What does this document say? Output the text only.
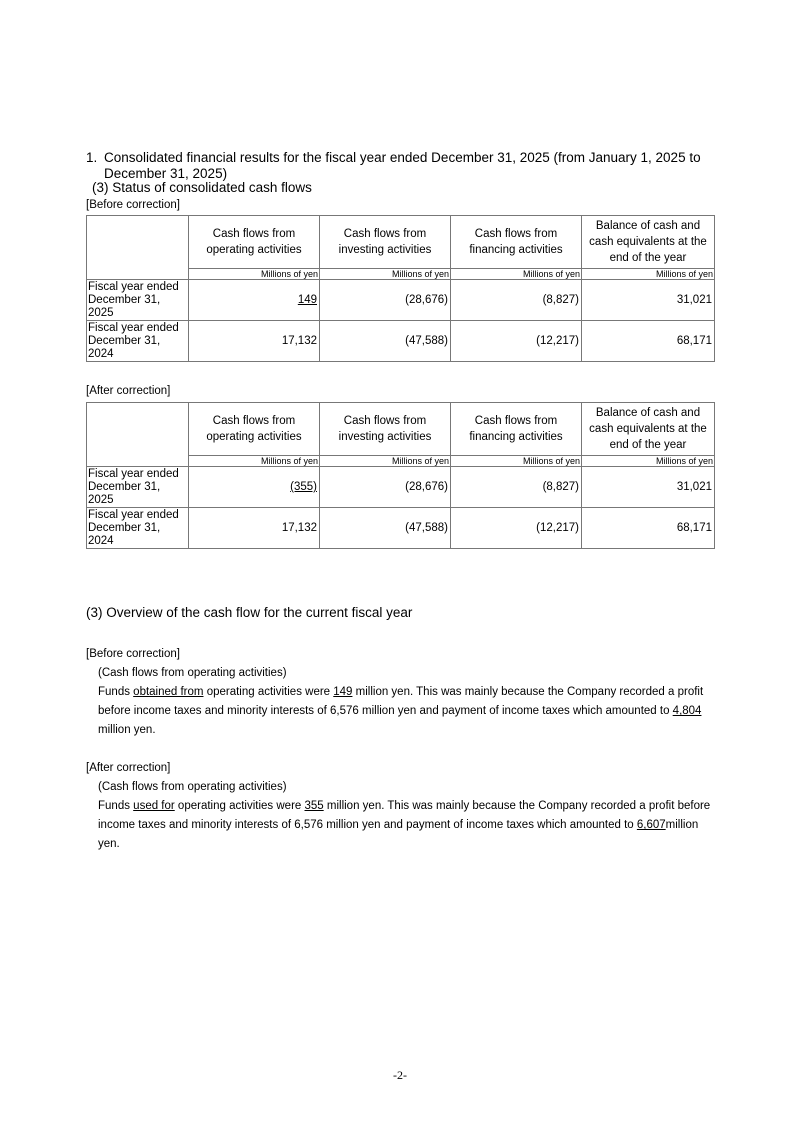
1. Consolidated financial results for the fiscal year ended December 31, 2025 (from January 1, 2025 to December 31, 2025)
(3) Status of consolidated cash flows
[Before correction]
	Cash flows from operating activities	Cash flows from investing activities	Cash flows from financing activities	Balance of cash and cash equivalents at the end of the year
	Millions of yen	Millions of yen	Millions of yen	Millions of yen
Fiscal year ended December 31, 2025	149	(28,676)	(8,827)	31,021
Fiscal year ended December 31, 2024	17,132	(47,588)	(12,217)	68,171
[After correction]
	Cash flows from operating activities	Cash flows from investing activities	Cash flows from financing activities	Balance of cash and cash equivalents at the end of the year
	Millions of yen	Millions of yen	Millions of yen	Millions of yen
Fiscal year ended December 31, 2025	(355)	(28,676)	(8,827)	31,021
Fiscal year ended December 31, 2024	17,132	(47,588)	(12,217)	68,171
(3) Overview of the cash flow for the current fiscal year
[Before correction]
(Cash flows from operating activities)
Funds obtained from operating activities were 149 million yen. This was mainly because the Company recorded a profit before income taxes and minority interests of 6,576 million yen and payment of income taxes which amounted to 4,804 million yen.
[After correction]
(Cash flows from operating activities)
Funds used for operating activities were 355 million yen. This was mainly because the Company recorded a profit before income taxes and minority interests of 6,576 million yen and payment of income taxes which amounted to 6,607million yen.
-2-
